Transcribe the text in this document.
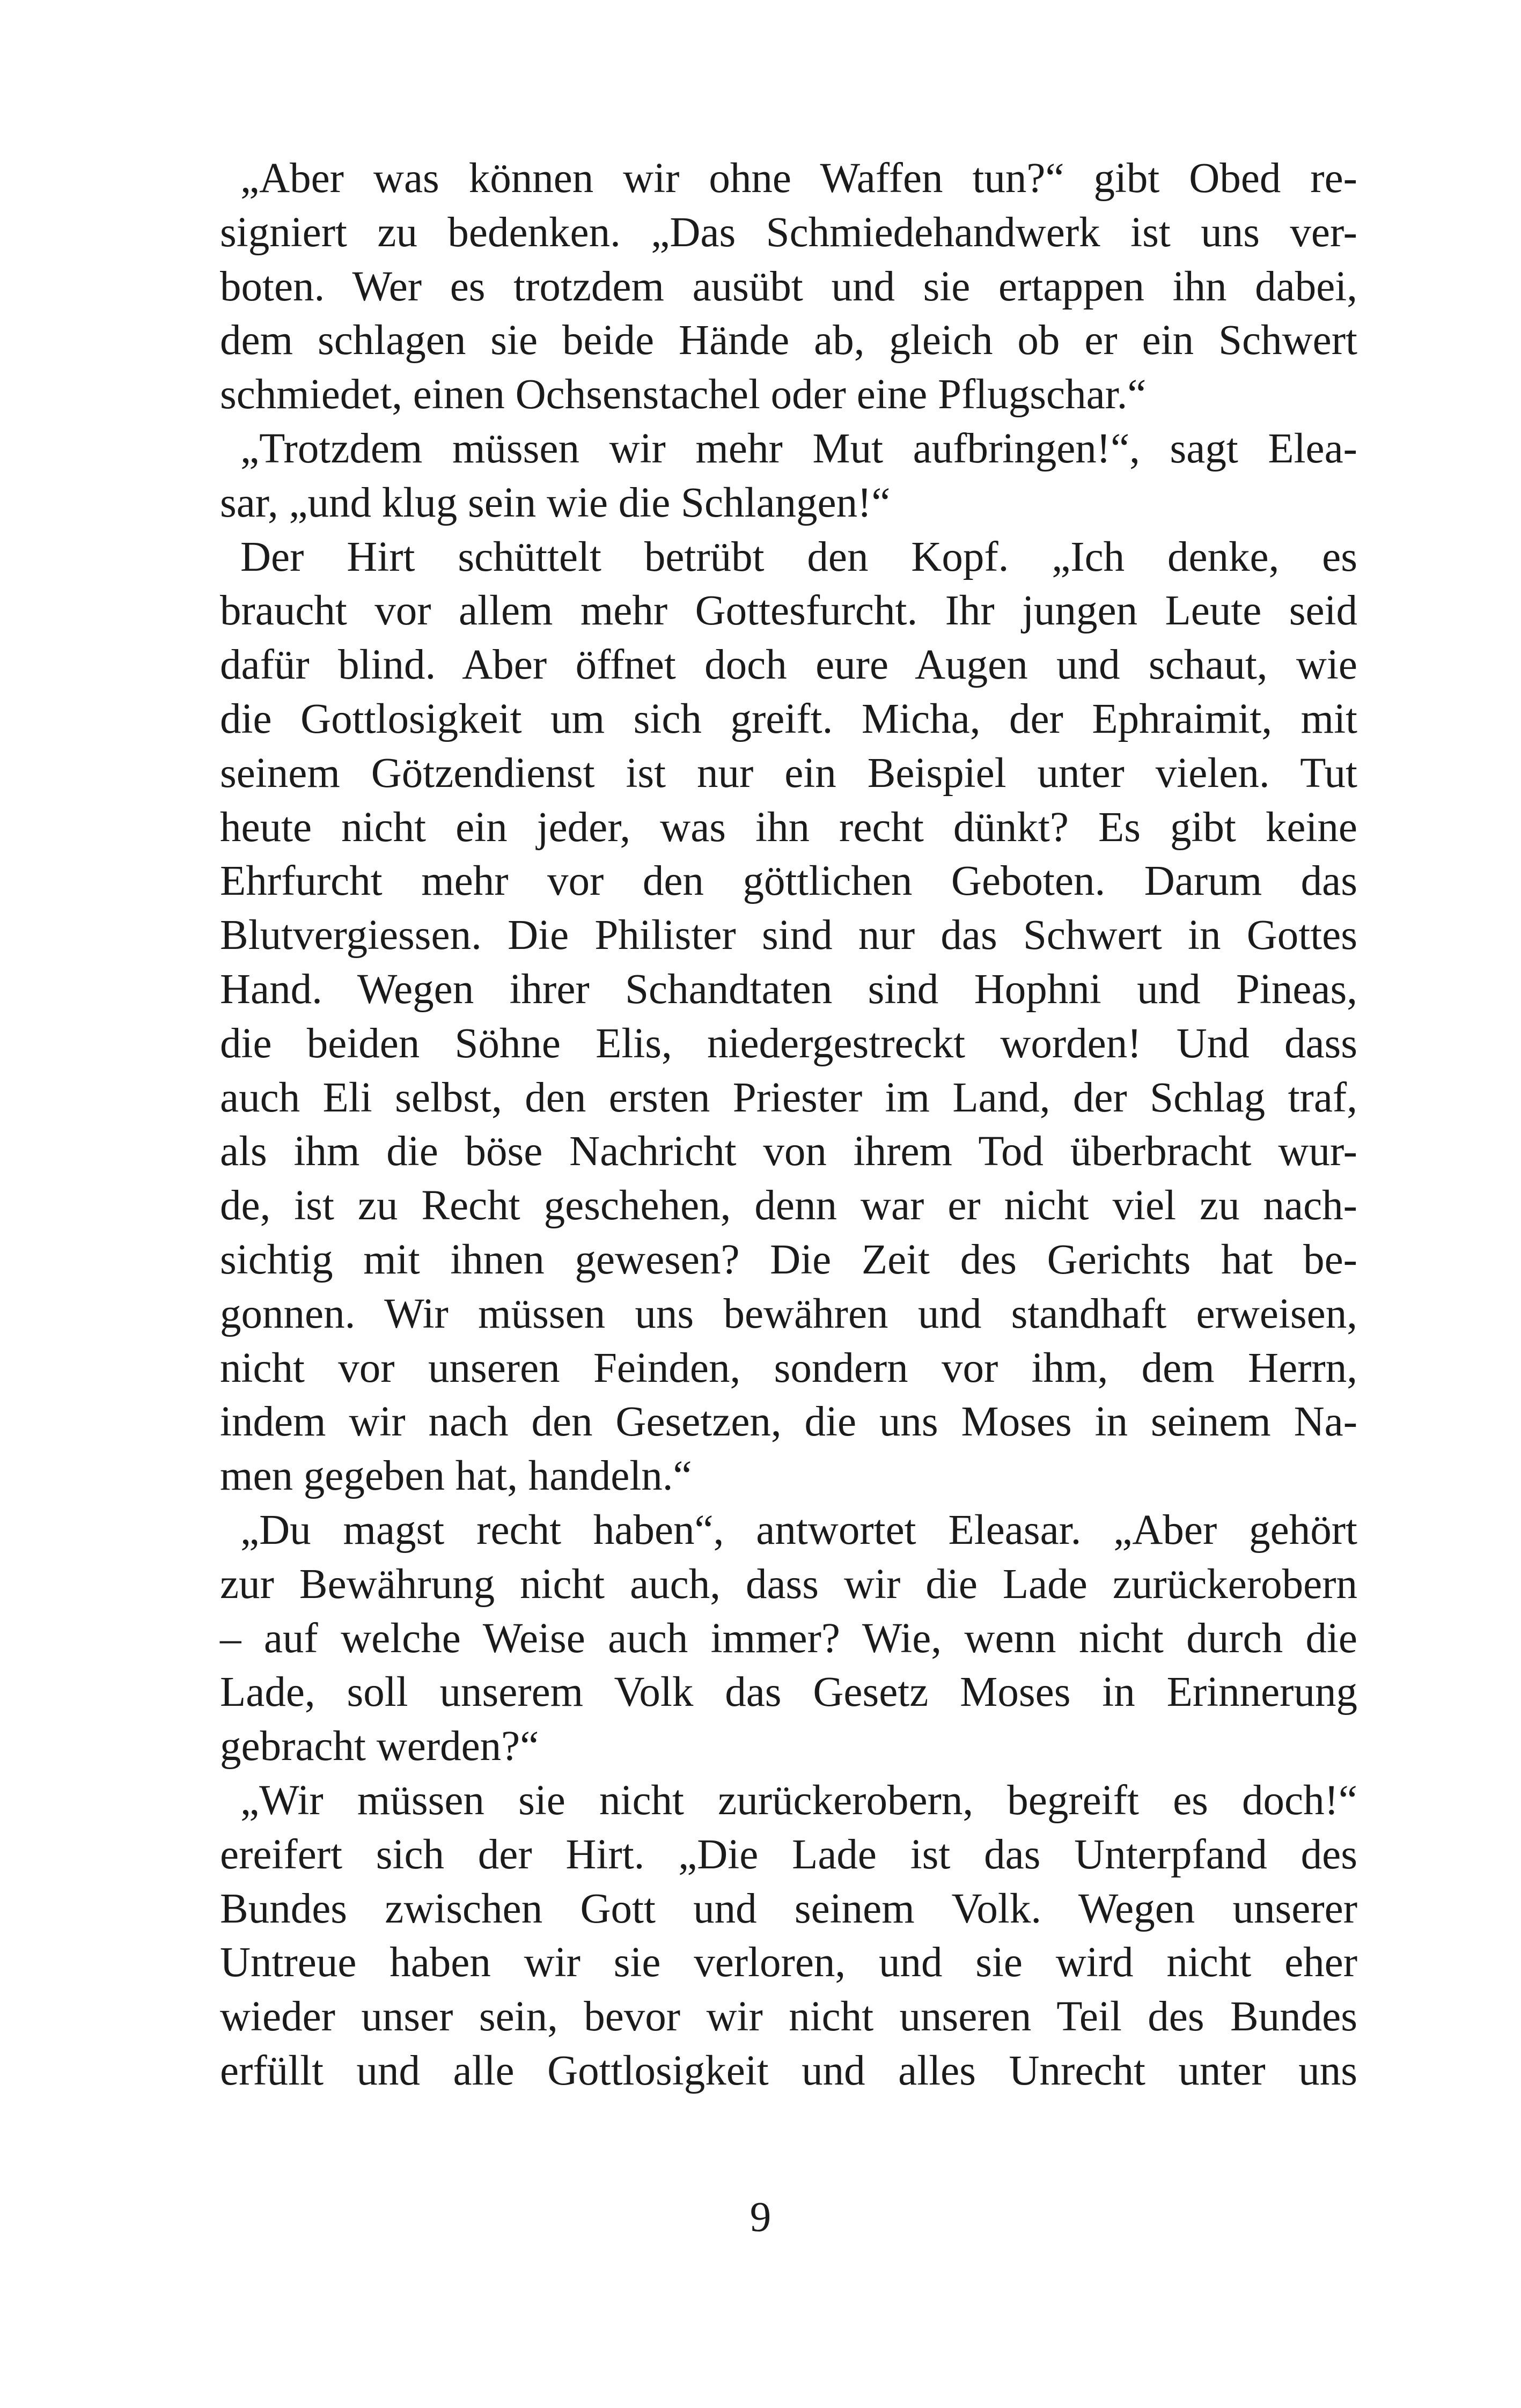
„Aber was können wir ohne Waffen tun?“ gibt Obed re-
signiert zu bedenken. „Das Schmiedehandwerk ist uns ver-
boten. Wer es trotzdem ausübt und sie ertappen ihn dabei,
dem schlagen sie beide Hände ab, gleich ob er ein Schwert
schmiedet, einen Ochsenstachel oder eine Pflugschar.“
„Trotzdem müssen wir mehr Mut aufbringen!“, sagt Elea-
sar, „und klug sein wie die Schlangen!“
Der Hirt schüttelt betrübt den Kopf. „Ich denke, es
braucht vor allem mehr Gottesfurcht. Ihr jungen Leute seid
dafür blind. Aber öffnet doch eure Augen und schaut, wie
die Gottlosigkeit um sich greift. Micha, der Ephraimit, mit
seinem Götzendienst ist nur ein Beispiel unter vielen. Tut
heute nicht ein jeder, was ihn recht dünkt? Es gibt keine
Ehrfurcht mehr vor den göttlichen Geboten. Darum das
Blutvergiessen. Die Philister sind nur das Schwert in Gottes
Hand. Wegen ihrer Schandtaten sind Hophni und Pineas,
die beiden Söhne Elis, niedergestreckt worden! Und dass
auch Eli selbst, den ersten Priester im Land, der Schlag traf,
als ihm die böse Nachricht von ihrem Tod überbracht wur-
de, ist zu Recht geschehen, denn war er nicht viel zu nach-
sichtig mit ihnen gewesen? Die Zeit des Gerichts hat be-
gonnen. Wir müssen uns bewähren und standhaft erweisen,
nicht vor unseren Feinden, sondern vor ihm, dem Herrn,
indem wir nach den Gesetzen, die uns Moses in seinem Na-
men gegeben hat, handeln.“
„Du magst recht haben“, antwortet Eleasar. „Aber gehört
zur Bewährung nicht auch, dass wir die Lade zurückerobern
– auf welche Weise auch immer? Wie, wenn nicht durch die
Lade, soll unserem Volk das Gesetz Moses in Erinnerung
gebracht werden?“
„Wir müssen sie nicht zurückerobern, begreift es doch!“
ereifert sich der Hirt. „Die Lade ist das Unterpfand des
Bundes zwischen Gott und seinem Volk. Wegen unserer
Untreue haben wir sie verloren, und sie wird nicht eher
wieder unser sein, bevor wir nicht unseren Teil des Bundes
erfüllt und alle Gottlosigkeit und alles Unrecht unter uns
9
